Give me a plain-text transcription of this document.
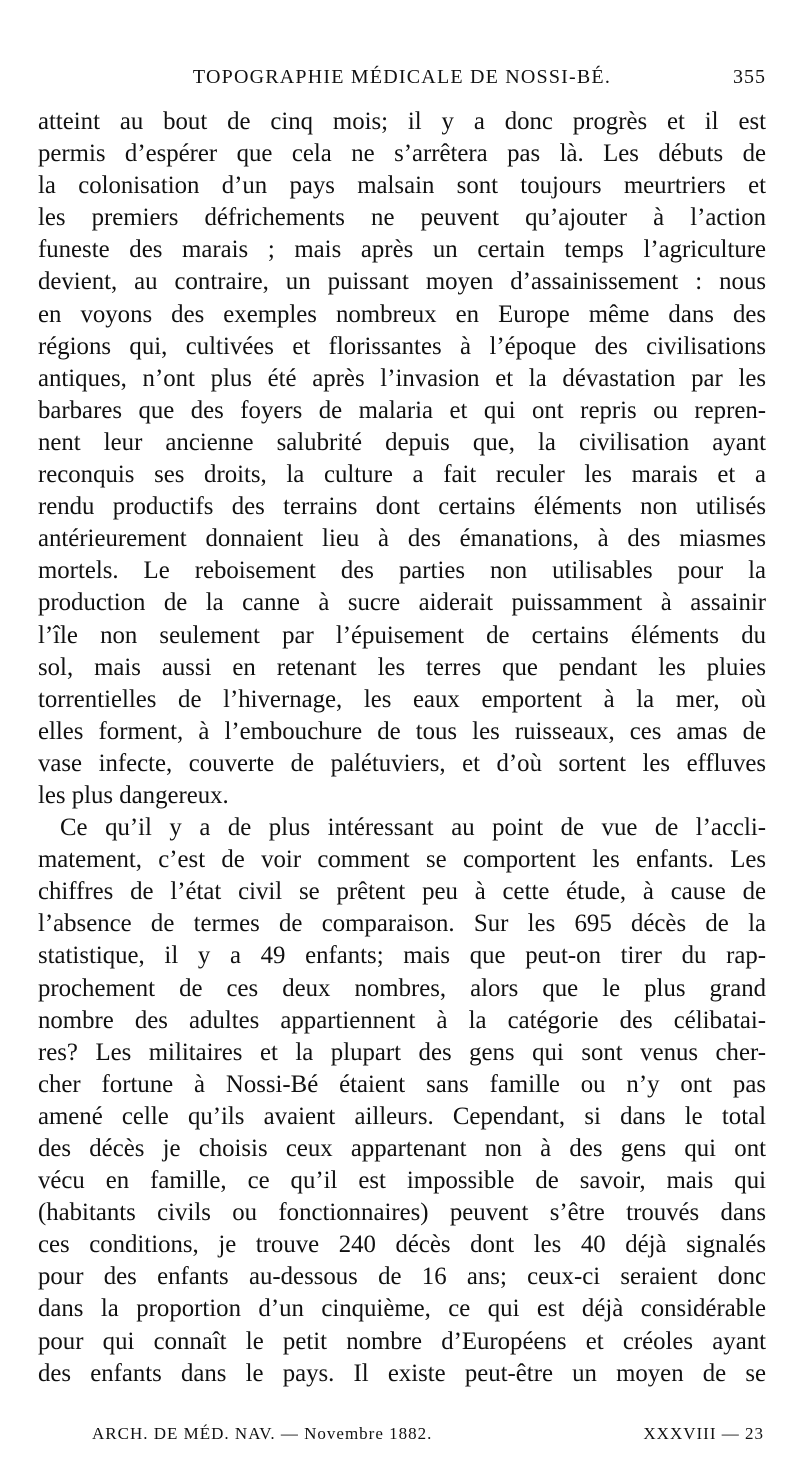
TOPOGRAPHIE MÉDICALE DE NOSSI-BÉ.	355
atteint au bout de cinq mois; il y a donc progrès et il est
permis d’espérer que cela ne s’arrêtera pas là. Les débuts de
la colonisation d’un pays malsain sont toujours meurtriers et
les premiers défrichements ne peuvent qu’ajouter à l’action
funeste des marais ; mais après un certain temps l’agriculture
devient, au contraire, un puissant moyen d’assainissement : nous
en voyons des exemples nombreux en Europe même dans des
régions qui, cultivées et florissantes à l’époque des civilisations
antiques, n’ont plus été après l’invasion et la dévastation par les
barbares que des foyers de malaria et qui ont repris ou repren-
nent leur ancienne salubrité depuis que, la civilisation ayant
reconquis ses droits, la culture a fait reculer les marais et a
rendu productifs des terrains dont certains éléments non utilisés
antérieurement donnaient lieu à des émanations, à des miasmes
mortels. Le reboisement des parties non utilisables pour la
production de la canne à sucre aiderait puissamment à assainir
l’île non seulement par l’épuisement de certains éléments du
sol, mais aussi en retenant les terres que pendant les pluies
torrentielles de l’hivernage, les eaux emportent à la mer, où
elles forment, à l’embouchure de tous les ruisseaux, ces amas de
vase infecte, couverte de palétuviers, et d’où sortent les effluves
les plus dangereux.
Ce qu’il y a de plus intéressant au point de vue de l’accli-
matement, c’est de voir comment se comportent les enfants. Les
chiffres de l’état civil se prêtent peu à cette étude, à cause de
l’absence de termes de comparaison. Sur les 695 décès de la
statistique, il y a 49 enfants; mais que peut-on tirer du rap-
prochement de ces deux nombres, alors que le plus grand
nombre des adultes appartiennent à la catégorie des célibatai-
res? Les militaires et la plupart des gens qui sont venus cher-
cher fortune à Nossi-Bé étaient sans famille ou n’y ont pas
amené celle qu’ils avaient ailleurs. Cependant, si dans le total
des décès je choisis ceux appartenant non à des gens qui ont
vécu en famille, ce qu’il est impossible de savoir, mais qui
(habitants civils ou fonctionnaires) peuvent s’être trouvés dans
ces conditions, je trouve 240 décès dont les 40 déjà signalés
pour des enfants au-dessous de 16 ans; ceux-ci seraient donc
dans la proportion d’un cinquième, ce qui est déjà considérable
pour qui connaît le petit nombre d’Européens et créoles ayant
des enfants dans le pays. Il existe peut-être un moyen de se
ARCH. DE MÉD. NAV. — Novembre 1882.	XXXVIII — 23
